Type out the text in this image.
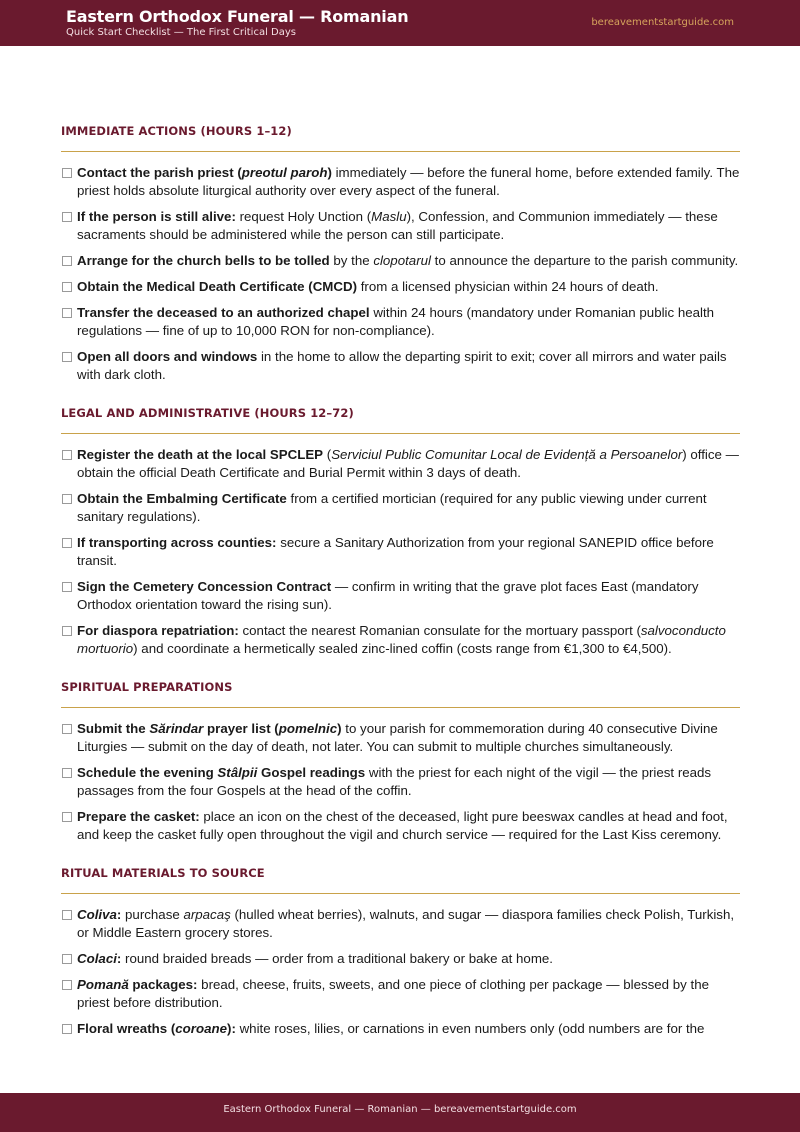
Eastern Orthodox Funeral — Romanian
Quick Start Checklist — The First Critical Days
bereavementstartguide.com
IMMEDIATE ACTIONS (HOURS 1–12)
Contact the parish priest (preotul paroh) immediately — before the funeral home, before extended family. The priest holds absolute liturgical authority over every aspect of the funeral.
If the person is still alive: request Holy Unction (Maslu), Confession, and Communion immediately — these sacraments should be administered while the person can still participate.
Arrange for the church bells to be tolled by the clopotarul to announce the departure to the parish community.
Obtain the Medical Death Certificate (CMCD) from a licensed physician within 24 hours of death.
Transfer the deceased to an authorized chapel within 24 hours (mandatory under Romanian public health regulations — fine of up to 10,000 RON for non-compliance).
Open all doors and windows in the home to allow the departing spirit to exit; cover all mirrors and water pails with dark cloth.
LEGAL AND ADMINISTRATIVE (HOURS 12–72)
Register the death at the local SPCLEP (Serviciul Public Comunitar Local de Evidență a Persoanelor) office — obtain the official Death Certificate and Burial Permit within 3 days of death.
Obtain the Embalming Certificate from a certified mortician (required for any public viewing under current sanitary regulations).
If transporting across counties: secure a Sanitary Authorization from your regional SANEPID office before transit.
Sign the Cemetery Concession Contract — confirm in writing that the grave plot faces East (mandatory Orthodox orientation toward the rising sun).
For diaspora repatriation: contact the nearest Romanian consulate for the mortuary passport (salvoconducto mortuorio) and coordinate a hermetically sealed zinc-lined coffin (costs range from €1,300 to €4,500).
SPIRITUAL PREPARATIONS
Submit the Sărindar prayer list (pomelnic) to your parish for commemoration during 40 consecutive Divine Liturgies — submit on the day of death, not later. You can submit to multiple churches simultaneously.
Schedule the evening Stâlpii Gospel readings with the priest for each night of the vigil — the priest reads passages from the four Gospels at the head of the coffin.
Prepare the casket: place an icon on the chest of the deceased, light pure beeswax candles at head and foot, and keep the casket fully open throughout the vigil and church service — required for the Last Kiss ceremony.
RITUAL MATERIALS TO SOURCE
Coliva: purchase arpacaş (hulled wheat berries), walnuts, and sugar — diaspora families check Polish, Turkish, or Middle Eastern grocery stores.
Colaci: round braided breads — order from a traditional bakery or bake at home.
Pomană packages: bread, cheese, fruits, sweets, and one piece of clothing per package — blessed by the priest before distribution.
Floral wreaths (coroane): white roses, lilies, or carnations in even numbers only (odd numbers are for the
Eastern Orthodox Funeral — Romanian — bereavementstartguide.com
